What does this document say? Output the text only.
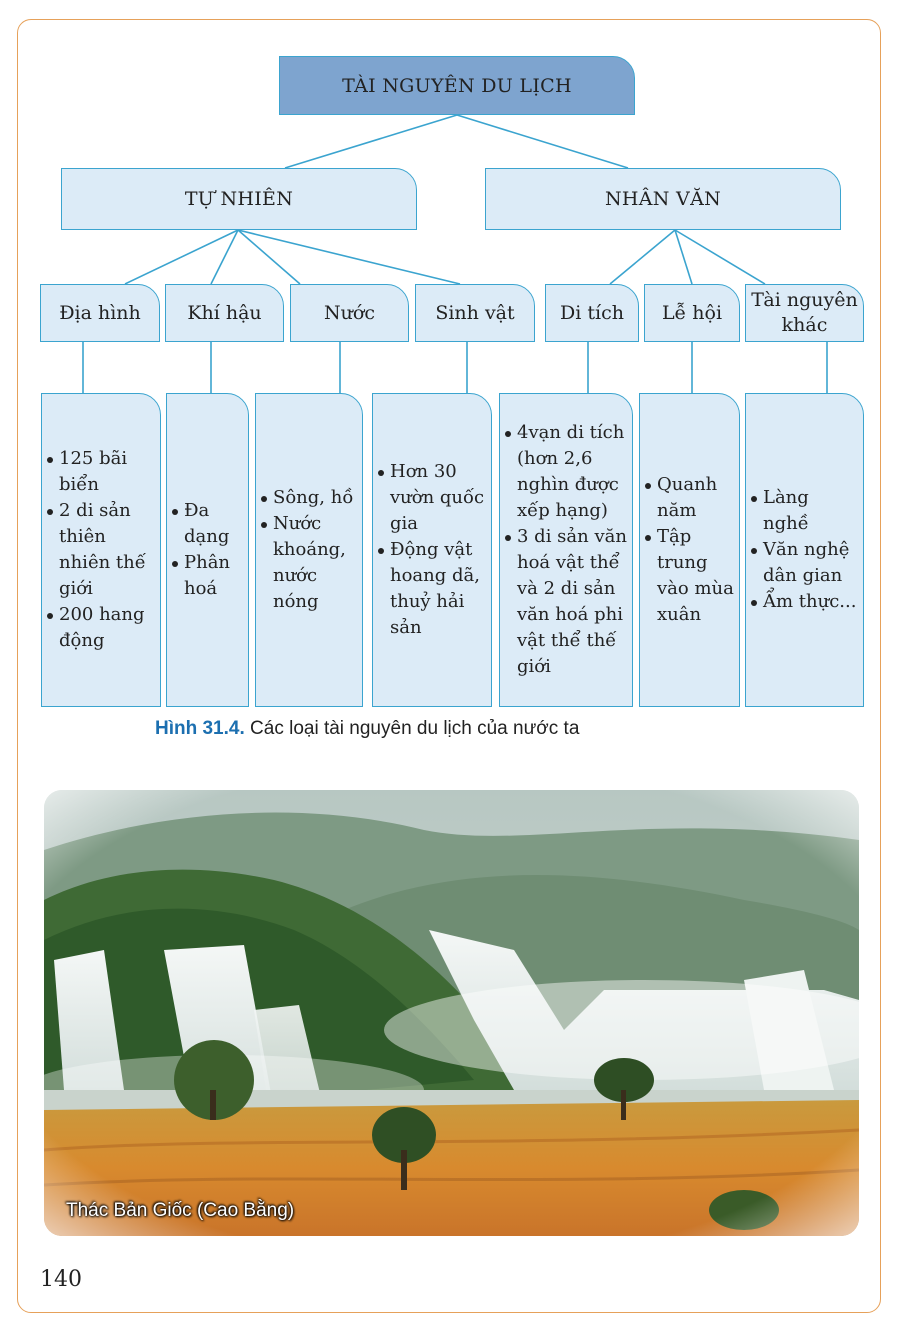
TÀI NGUYÊN DU LỊCH
TỰ NHIÊN	NHÂN VĂN
Địa hình Khí hậu	Nước	Sinh vật Di tích Lễ hội
Tài nguyên khác
125 bãi biển
2 di sản thiên nhiên thế giới
200 hang động
Đa dạng
Phân hoá
Sông, hồ
Nước khoáng, nước nóng
Hơn 30 vườn quốc gia
Động vật hoang dã, thuỷ hải sản
4vạn di tích (hơn 2,6 nghìn được xếp hạng)
3 di sản văn hoá vật thể và 2 di sản văn hoá phi vật thể thế giới
Quanh năm
Tập trung vào mùa xuân
Làng nghề
Văn nghệ dân gian
Ẩm thực...
Hình 31.4. Các loại tài nguyên du lịch của nước ta
Thác Bản Giốc (Cao Bằng)
140
